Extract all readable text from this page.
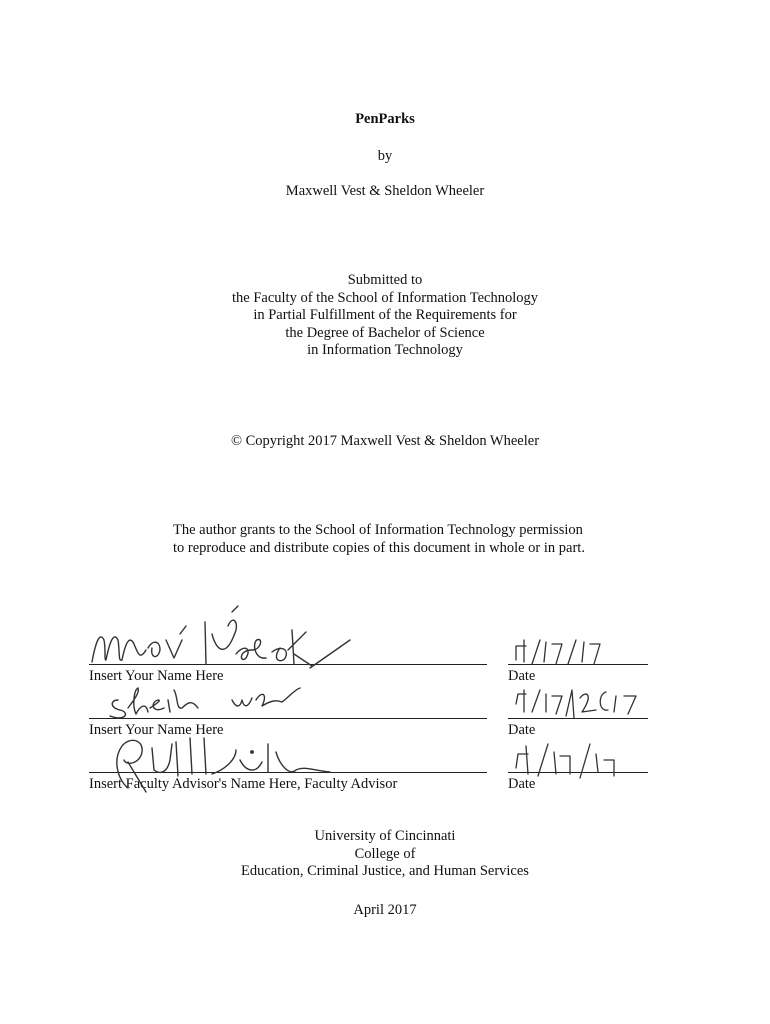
PenParks
by
Maxwell Vest & Sheldon Wheeler
Submitted to
the Faculty of the School of Information Technology
in Partial Fulfillment of the Requirements for
the Degree of Bachelor of Science
in Information Technology
© Copyright 2017 Maxwell Vest & Sheldon Wheeler
The author grants to the School of Information Technology permission
to reproduce and distribute copies of this document in whole or in part.
Insert Your Name Here	Date
Insert Your Name Here	Date
Insert Faculty Advisor's Name Here, Faculty Advisor	Date
University of Cincinnati
College of
Education, Criminal Justice, and Human Services
April 2017
